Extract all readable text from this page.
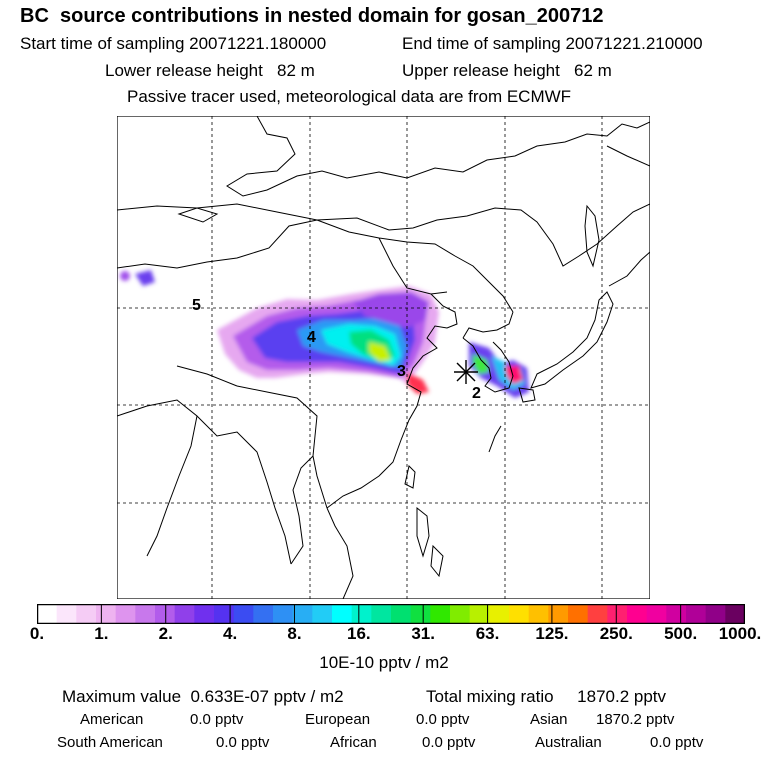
BC  source contributions in nested domain for gosan_200712
Start time of sampling 20071221.180000	End time of sampling 20071221.210000
Lower release height   82 m	Upper release height   62 m
Passive tracer used, meteorological data are from ECMWF
5
4
3
2
0.	1.	2.	4.	8.	16. 31. 63. 125. 250. 500. 1000.
10E-10 pptv / m2
Maximum value  0.633E-07 pptv / m2	Total mixing ratio     1870.2 pptv
American	0.0 pptv	European	0.0 pptv	Asian 1870.2 pptv
South American	0.0 pptv	African	0.0 pptv	Australian	0.0 pptv
